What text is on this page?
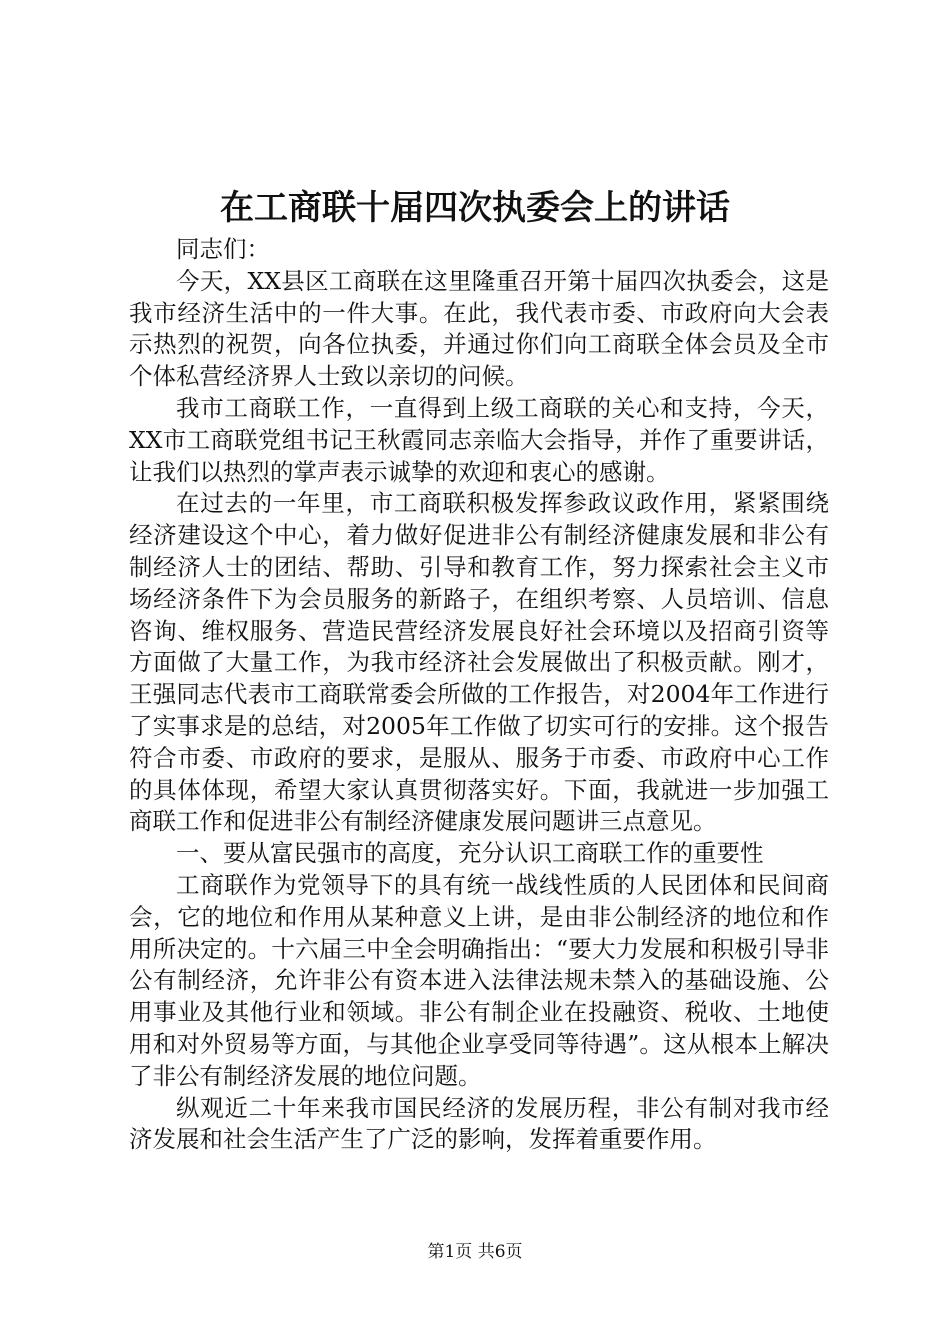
在工商联十届四次执委会上的讲话

同志们：

今天，XX县区工商联在这里隆重召开第十届四次执委会，这是我市经济生活中的一件大事。在此，我代表市委、市政府向大会表示热烈的祝贺，向各位执委，并通过你们向工商联全体会员及全市个体私营经济界人士致以亲切的问候。

我市工商联工作，一直得到上级工商联的关心和支持，今天，XX市工商联党组书记王秋霞同志亲临大会指导，并作了重要讲话，让我们以热烈的掌声表示诚挚的欢迎和衷心的感谢。

在过去的一年里，市工商联积极发挥参政议政作用，紧紧围绕经济建设这个中心，着力做好促进非公有制经济健康发展和非公有制经济人士的团结、帮助、引导和教育工作，努力探索社会主义市场经济条件下为会员服务的新路子，在组织考察、人员培训、信息咨询、维权服务、营造民营经济发展良好社会环境以及招商引资等方面做了大量工作，为我市经济社会发展做出了积极贡献。刚才，王强同志代表市工商联常委会所做的工作报告，对2004年工作进行了实事求是的总结，对2005年工作做了切实可行的安排。这个报告符合市委、市政府的要求，是服从、服务于市委、市政府中心工作的具体体现，希望大家认真贯彻落实好。下面，我就进一步加强工商联工作和促进非公有制经济健康发展问题讲三点意见。

一、要从富民强市的高度，充分认识工商联工作的重要性

工商联作为党领导下的具有统一战线性质的人民团体和民间商会，它的地位和作用从某种意义上讲，是由非公制经济的地位和作用所决定的。十六届三中全会明确指出：“要大力发展和积极引导非公有制经济，允许非公有资本进入法律法规未禁入的基础设施、公用事业及其他行业和领域。非公有制企业在投融资、税收、土地使用和对外贸易等方面，与其他企业享受同等待遇”。这从根本上解决了非公有制经济发展的地位问题。

纵观近二十年来我市国民经济的发展历程，非公有制对我市经济发展和社会生活产生了广泛的影响，发挥着重要作用。

第1页 共6页
